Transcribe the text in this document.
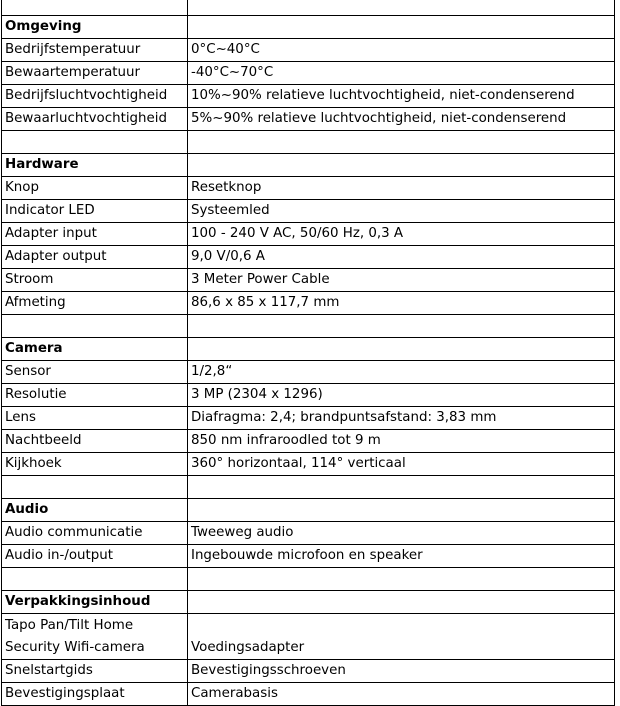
Omgeving	
Bedrijfstemperatuur	0°C~40°C
Bewaartemperatuur	-40°C~70°C
Bedrijfsluchtvochtigheid	10%~90% relatieve luchtvochtigheid, niet-condenserend
Bewaarluchtvochtigheid	5%~90% relatieve luchtvochtigheid, niet-condenserend

Hardware	
Knop	Resetknop
Indicator LED	Systeemled
Adapter input	100 - 240 V AC, 50/60 Hz, 0,3 A
Adapter output	9,0 V/0,6 A
Stroom	3 Meter Power Cable
Afmeting	86,6 x 85 x 117,7 mm

Camera	
Sensor	1/2,8“
Resolutie	3 MP (2304 x 1296)
Lens	Diafragma: 2,4; brandpuntsafstand: 3,83 mm
Nachtbeeld	850 nm infraroodled tot 9 m
Kijkhoek	360° horizontaal, 114° verticaal

Audio	
Audio communicatie	Tweeweg audio
Audio in-/output	Ingebouwde microfoon en speaker

Verpakkingsinhoud	
Tapo Pan/Tilt Home Security Wifi-camera	Voedingsadapter
Snelstartgids	Bevestigingsschroeven
Bevestigingsplaat	Camerabasis
